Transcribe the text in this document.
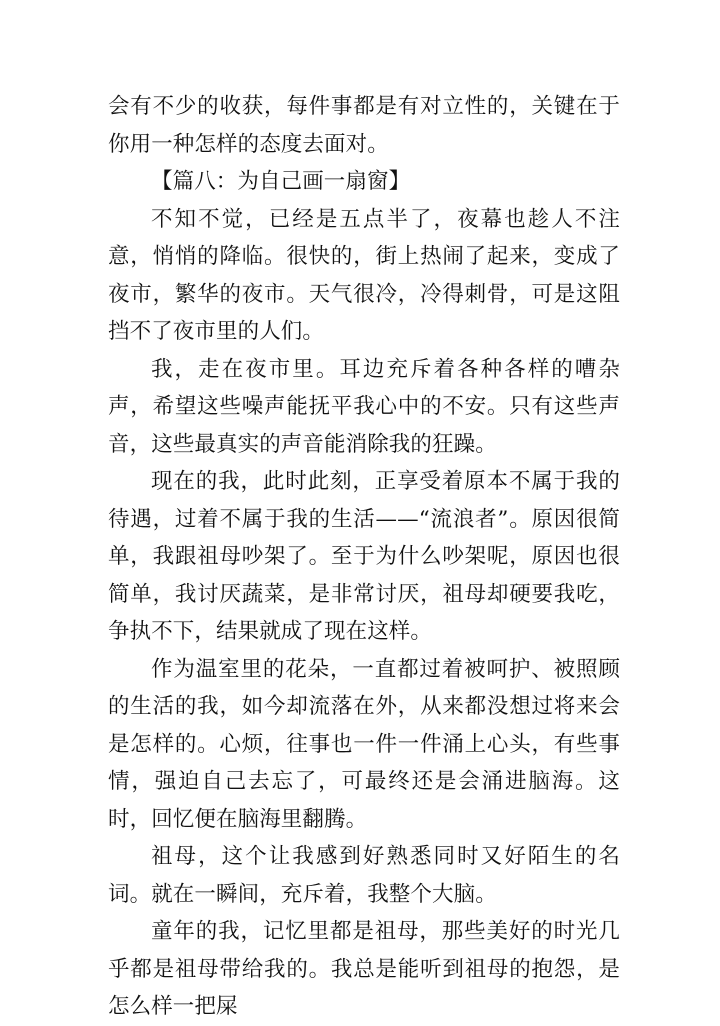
会有不少的收获，每件事都是有对立性的，关键在于你用一种怎样的态度去面对。

【篇八：为自己画一扇窗】

不知不觉，已经是五点半了，夜幕也趁人不注意，悄悄的降临。很快的，街上热闹了起来，变成了夜市，繁华的夜市。天气很冷，冷得刺骨，可是这阻挡不了夜市里的人们。

我，走在夜市里。耳边充斥着各种各样的嘈杂声，希望这些噪声能抚平我心中的不安。只有这些声音，这些最真实的声音能消除我的狂躁。

现在的我，此时此刻，正享受着原本不属于我的待遇，过着不属于我的生活——“流浪者”。原因很简单，我跟祖母吵架了。至于为什么吵架呢，原因也很简单，我讨厌蔬菜，是非常讨厌，祖母却硬要我吃，争执不下，结果就成了现在这样。

作为温室里的花朵，一直都过着被呵护、被照顾的生活的我，如今却流落在外，从来都没想过将来会是怎样的。心烦，往事也一件一件涌上心头，有些事情，强迫自己去忘了，可最终还是会涌进脑海。这时，回忆便在脑海里翻腾。

祖母，这个让我感到好熟悉同时又好陌生的名词。就在一瞬间，充斥着，我整个大脑。

童年的我，记忆里都是祖母，那些美好的时光几乎都是祖母带给我的。我总是能听到祖母的抱怨，是怎么样一把屎
